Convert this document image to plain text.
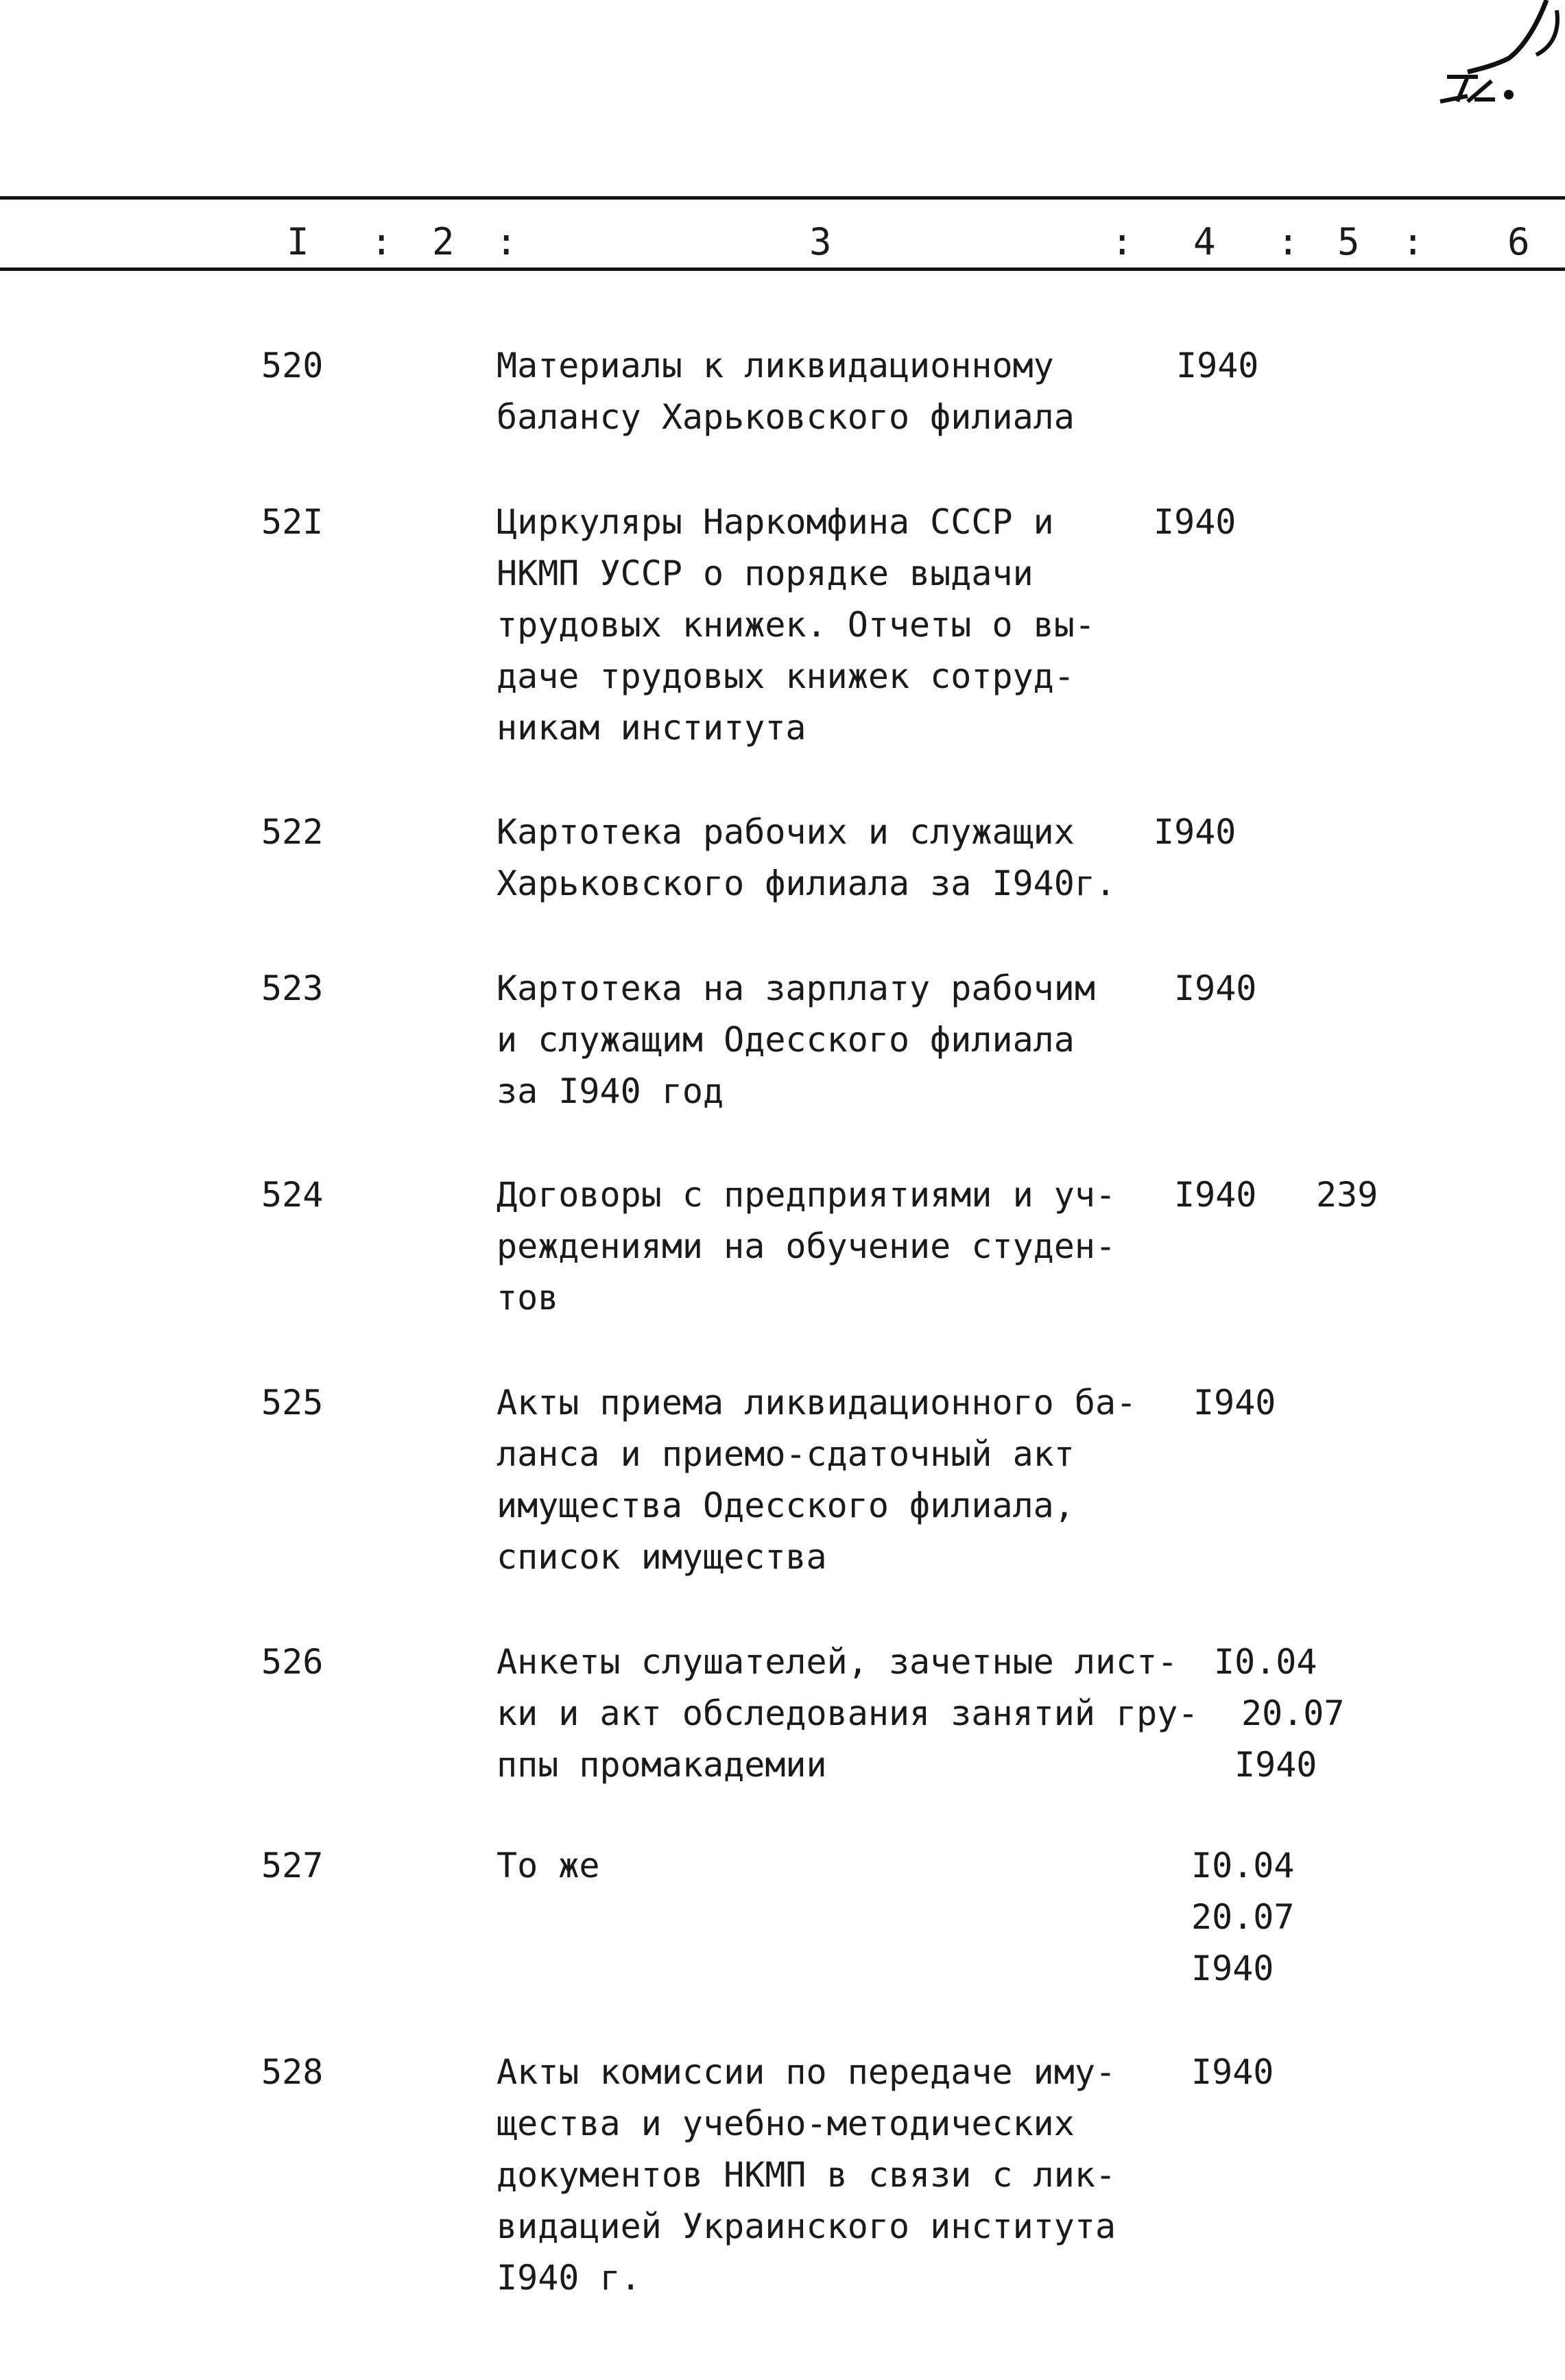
I : 2 :	3	: 4 : 5 : 6
520	Материалы к ликвидационному
балансу Харьковского филиала
I940
52I	Циркуляры Наркомфина СССР и
НКМП УССР о порядке выдачи
трудовых книжек. Отчеты о вы-
даче трудовых книжек сотруд-
никам института
I940
522	Картотека рабочих и служащих
Харьковского филиала за I940г.
I940
523	Картотека на зарплату рабочим
и служащим Одесского филиала
за I940 год
I940
524	Договоры с предприятиями и уч-
реждениями на обучение студен-
тов
I940 239
525	Акты приема ликвидационного ба-
ланса и приемо-сдаточный акт
имущества Одесского филиала,
список имущества
I940
526	Анкеты слушателей, зачетные лист-
ки и акт обследования занятий гру-
ппы промакадемии
I0.04
20.07
I940
527	То же	I0.04
20.07
I940
528	Акты комиссии по передаче иму-
щества и учебно-методических
документов НКМП в связи с лик-
видацией Украинского института
I940 г.
I940
